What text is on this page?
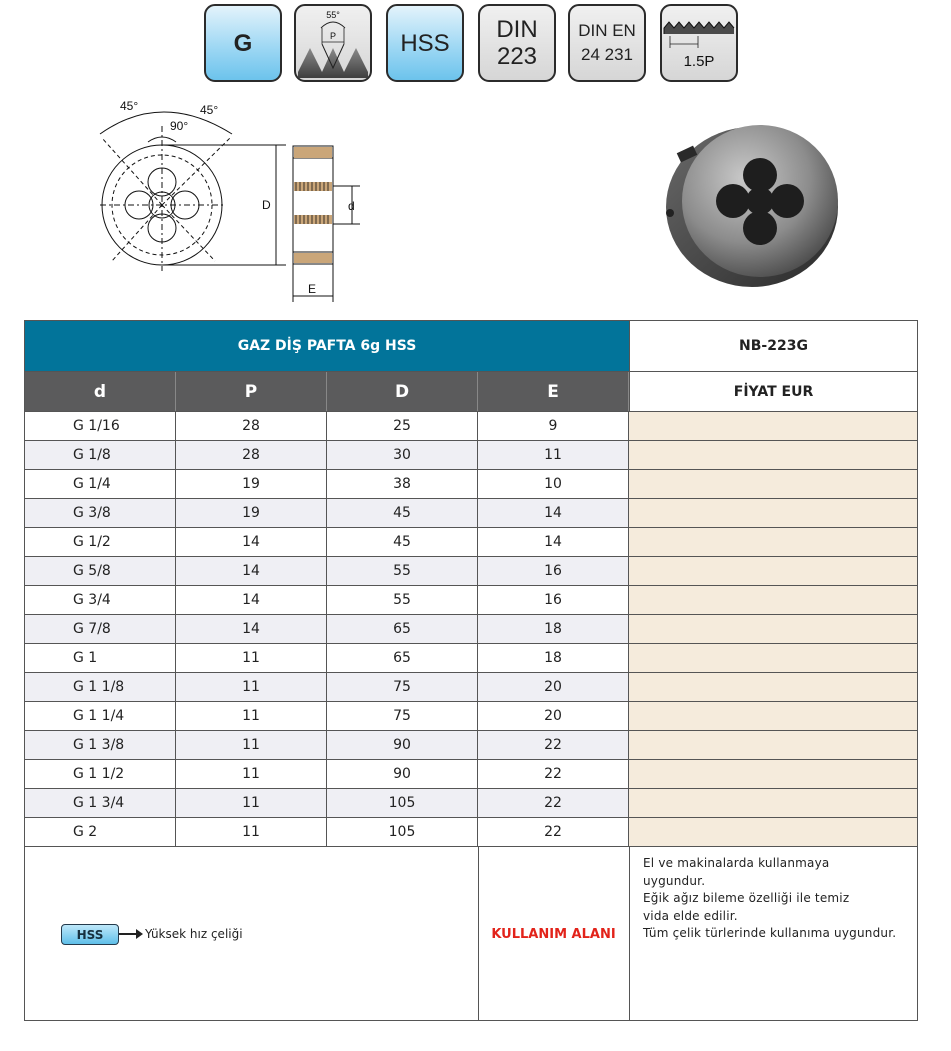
G
55°
P	HSS DIN
223
DIN EN
24 231	1.5P
45°	45°
90°
D	d
E
GAZ DİŞ PAFTA 6g HSS	NB-223G
d	P	D	E	FİYAT EUR
G 1/16	28	25	9
G 1/8	28	30	11
G 1/4	19	38	10
G 3/8	19	45	14
G 1/2	14	45	14
G 5/8	14	55	16
G 3/4	14	55	16
G 7/8	14	65	18
G 1	11	65	18
G 1 1/8	11	75	20
G 1 1/4	11	75	20
G 1 3/8	11	90	22
G 1 1/2	11	90	22
G 1 3/4	11	105	22
G 2	11	105	22
HSS	Yüksek hız çeliği	KULLANIM ALANI
El ve makinalarda kullanmaya
uygundur.
Eğik ağız bileme özelliği ile temiz
vida elde edilir.
Tüm çelik türlerinde kullanıma uygundur.
